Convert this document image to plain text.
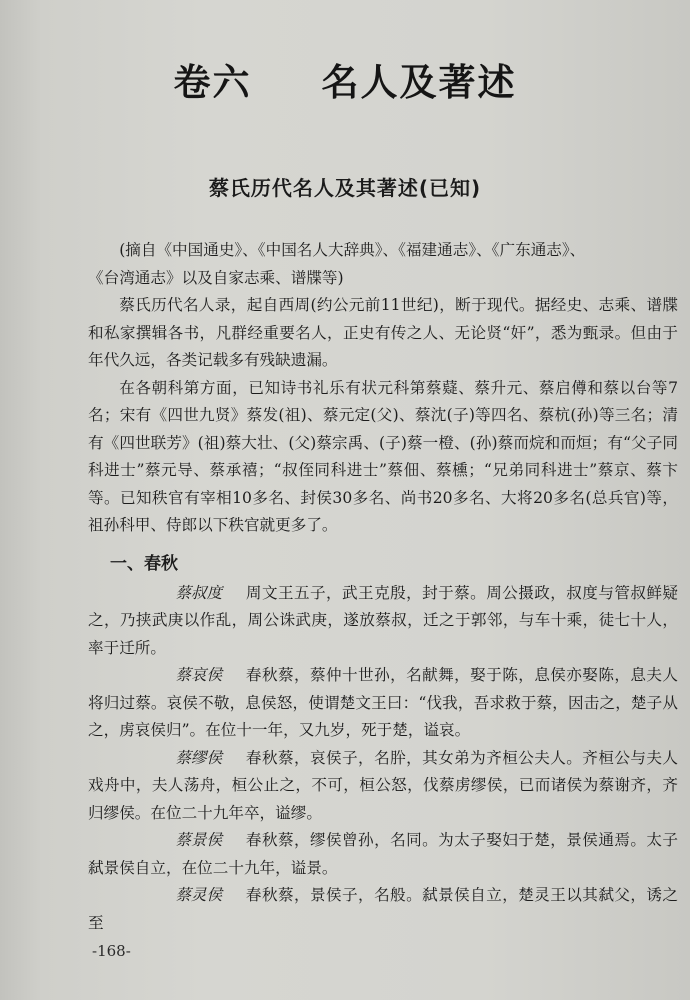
卷六 名人及著述
蔡氏历代名人及其著述(已知)

(摘自《中国通史》、《中国名人大辞典》、《福建通志》、《广东通志》、

《台湾通志》以及自家志乘、谱牒等)

蔡氏历代名人录，起自西周(约公元前11世纪)，断于现代。据经史、志乘、谱牒和私家撰辑各书，凡群经重要名人，正史有传之人、无论贤“奸”，悉为甄录。但由于年代久远，各类记载多有残缺遗漏。

在各朝科第方面，已知诗书礼乐有状元科第蔡薿、蔡升元、蔡启僔和蔡以台等7名；宋有《四世九贤》蔡发(祖)、蔡元定(父)、蔡沈(子)等四名、蔡杭(孙)等三名；清有《四世联芳》(祖)蔡大壮、(父)蔡宗禹、(子)蔡一橙、(孙)蔡而烷和而烜；有“父子同科进士”蔡元导、蔡承禧；“叔侄同科进士”蔡佃、蔡櫄；“兄弟同科进士”蔡京、蔡卞等。已知秩官有宰相10多名、封侯30多名、尚书20多名、大将20多名(总兵官)等，祖孙科甲、侍郎以下秩官就更多了。

一、春秋

蔡叔度 周文王五子，武王克殷，封于蔡。周公摄政，叔度与管叔鲜疑之，乃挟武庚以作乱，周公诛武庚，遂放蔡叔，迁之于郭邻，与车十乘，徒七十人，率于迁所。

蔡哀侯 春秋蔡，蔡仲十世孙，名献舞，娶于陈，息侯亦娶陈，息夫人将归过蔡。哀侯不敬，息侯怒，使谓楚文王曰：“伐我，吾求救于蔡，因击之，楚子从之，虏哀侯归”。在位十一年，又九岁，死于楚，谥哀。

蔡缪侯 春秋蔡，哀侯子，名肸，其女弟为齐桓公夫人。齐桓公与夫人戏舟中，夫人荡舟，桓公止之，不可，桓公怒，伐蔡虏缪侯，已而诸侯为蔡谢齐，齐归缪侯。在位二十九年卒，谥缪。

蔡景侯 春秋蔡，缪侯曾孙，名同。为太子娶妇于楚，景侯通焉。太子弑景侯自立，在位二十九年，谥景。

蔡灵侯 春秋蔡，景侯子，名般。弑景侯自立，楚灵王以其弑父，诱之至

-168-
